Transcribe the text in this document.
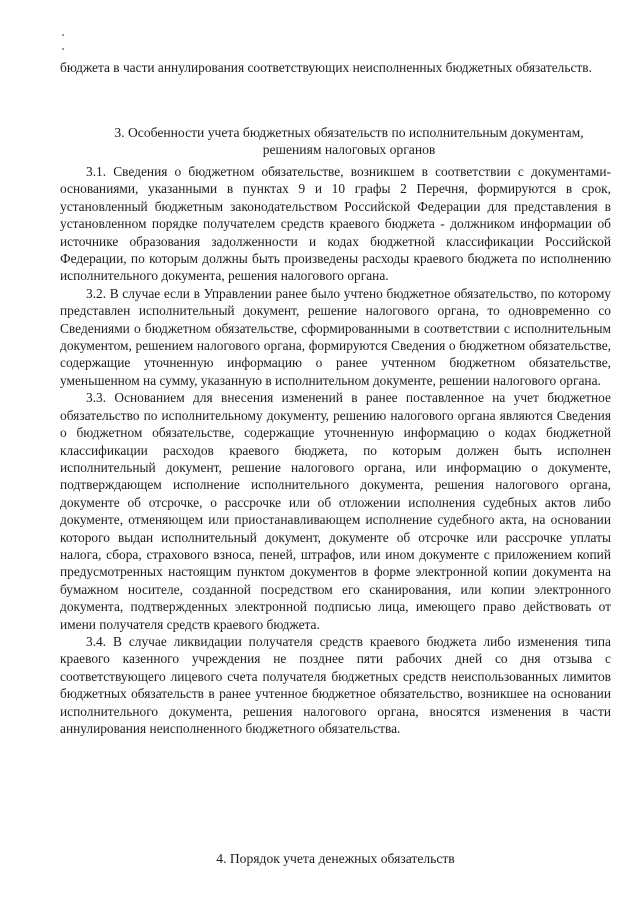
бюджета в части аннулирования соответствующих неисполненных бюджетных обязательств.

3. Особенности учета бюджетных обязательств по исполнительным документам, решениям налоговых органов

3.1. Сведения о бюджетном обязательстве, возникшем в соответствии с документами-основаниями, указанными в пунктах 9 и 10 графы 2 Перечня, формируются в срок, установленный бюджетным законодательством Российской Федерации для представления в установленном порядке получателем средств краевого бюджета - должником информации об источнике образования задолженности и кодах бюджетной классификации Российской Федерации, по которым должны быть произведены расходы краевого бюджета по исполнению исполнительного документа, решения налогового органа.

3.2. В случае если в Управлении ранее было учтено бюджетное обязательство, по которому представлен исполнительный документ, решение налогового органа, то одновременно со Сведениями о бюджетном обязательстве, сформированными в соответствии с исполнительным документом, решением налогового органа, формируются Сведения о бюджетном обязательстве, содержащие уточненную информацию о ранее учтенном бюджетном обязательстве, уменьшенном на сумму, указанную в исполнительном документе, решении налогового органа.

3.3. Основанием для внесения изменений в ранее поставленное на учет бюджетное обязательство по исполнительному документу, решению налогового органа являются Сведения о бюджетном обязательстве, содержащие уточненную информацию о кодах бюджетной классификации расходов краевого бюджета, по которым должен быть исполнен исполнительный документ, решение налогового органа, или информацию о документе, подтверждающем исполнение исполнительного документа, решения налогового органа, документе об отсрочке, о рассрочке или об отложении исполнения судебных актов либо документе, отменяющем или приостанавливающем исполнение судебного акта, на основании которого выдан исполнительный документ, документе об отсрочке или рассрочке уплаты налога, сбора, страхового взноса, пеней, штрафов, или ином документе с приложением копий предусмотренных настоящим пунктом документов в форме электронной копии документа на бумажном носителе, созданной посредством его сканирования, или копии электронного документа, подтвержденных электронной подписью лица, имеющего право действовать от имени получателя средств краевого бюджета.

3.4. В случае ликвидации получателя средств краевого бюджета либо изменения типа краевого казенного учреждения не позднее пяти рабочих дней со дня отзыва с соответствующего лицевого счета получателя бюджетных средств неиспользованных лимитов бюджетных обязательств в ранее учтенное бюджетное обязательство, возникшее на основании исполнительного документа, решения налогового органа, вносятся изменения в части аннулирования неисполненного бюджетного обязательства.

4. Порядок учета денежных обязательств
